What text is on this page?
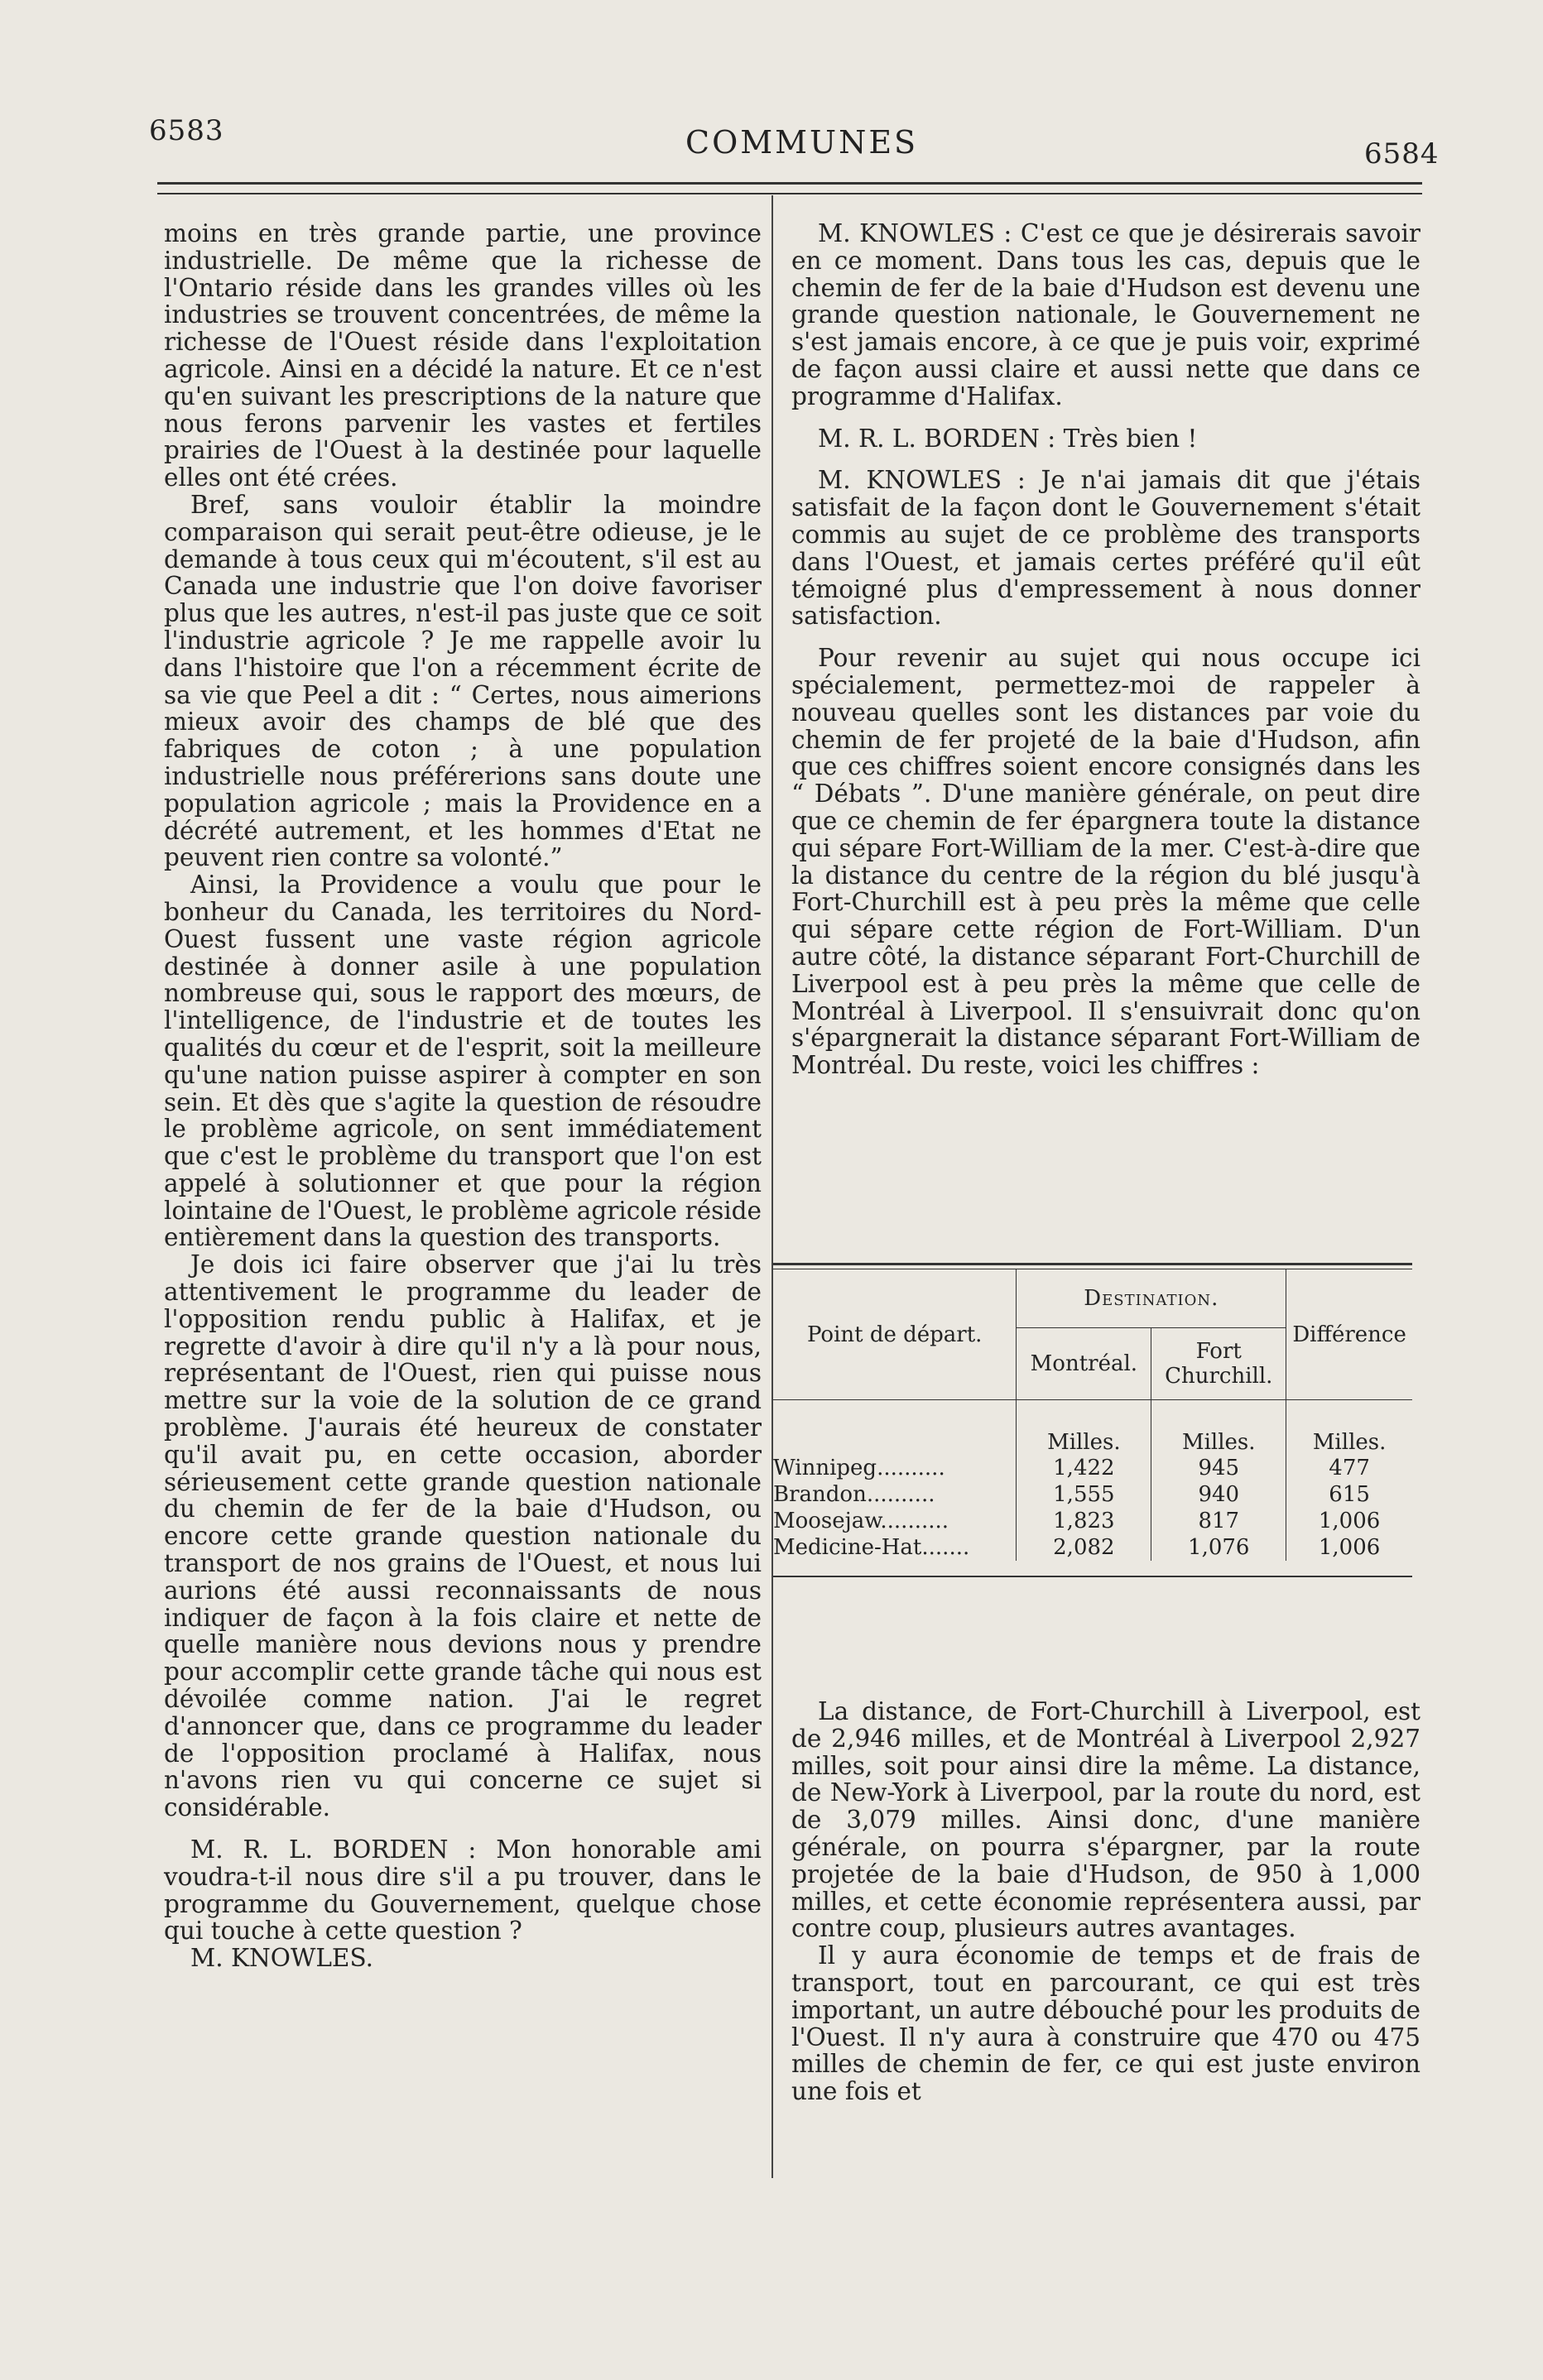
6583	COMMUNES	6584

moins en très grande partie, une province industrielle. De même que la richesse de l'Ontario réside dans les grandes villes où les industries se trouvent concentrées, de même la richesse de l'Ouest réside dans l'exploitation agricole. Ainsi en a décidé la nature. Et ce n'est qu'en suivant les prescriptions de la nature que nous ferons parvenir les vastes et fertiles prairies de l'Ouest à la destinée pour laquelle elles ont été crées.

Bref, sans vouloir établir la moindre comparaison qui serait peut-être odieuse, je le demande à tous ceux qui m'écoutent, s'il est au Canada une industrie que l'on doive favoriser plus que les autres, n'est-il pas juste que ce soit l'industrie agricole ? Je me rappelle avoir lu dans l'histoire que l'on a récemment écrite de sa vie que Peel a dit : “ Certes, nous aimerions mieux avoir des champs de blé que des fabriques de coton ; à une population industrielle nous préférerions sans doute une population agricole ; mais la Providence en a décrété autrement, et les hommes d'Etat ne peuvent rien contre sa volonté.”

Ainsi, la Providence a voulu que pour le bonheur du Canada, les territoires du Nord-Ouest fussent une vaste région agricole destinée à donner asile à une population nombreuse qui, sous le rapport des mœurs, de l'intelligence, de l'industrie et de toutes les qualités du cœur et de l'esprit, soit la meilleure qu'une nation puisse aspirer à compter en son sein. Et dès que s'agite la question de résoudre le problème agricole, on sent immédiatement que c'est le problème du transport que l'on est appelé à solutionner et que pour la région lointaine de l'Ouest, le problème agricole réside entièrement dans la question des transports.

Je dois ici faire observer que j'ai lu très attentivement le programme du leader de l'opposition rendu public à Halifax, et je regrette d'avoir à dire qu'il n'y a là pour nous, représentant de l'Ouest, rien qui puisse nous mettre sur la voie de la solution de ce grand problème. J'aurais été heureux de constater qu'il avait pu, en cette occasion, aborder sérieusement cette grande question nationale du chemin de fer de la baie d'Hudson, ou encore cette grande question nationale du transport de nos grains de l'Ouest, et nous lui aurions été aussi reconnaissants de nous indiquer de façon à la fois claire et nette de quelle manière nous devions nous y prendre pour accomplir cette grande tâche qui nous est dévoilée comme nation. J'ai le regret d'annoncer que, dans ce programme du leader de l'opposition proclamé à Halifax, nous n'avons rien vu qui concerne ce sujet si considérable.

M. R. L. BORDEN : Mon honorable ami voudra-t-il nous dire s'il a pu trouver, dans le programme du Gouvernement, quelque chose qui touche à cette question ?

M. KNOWLES.

M. KNOWLES : C'est ce que je désirerais savoir en ce moment. Dans tous les cas, depuis que le chemin de fer de la baie d'Hudson est devenu une grande question nationale, le Gouvernement ne s'est jamais encore, à ce que je puis voir, exprimé de façon aussi claire et aussi nette que dans ce programme d'Halifax.

M. R. L. BORDEN : Très bien !

M. KNOWLES : Je n'ai jamais dit que j'étais satisfait de la façon dont le Gouvernement s'était commis au sujet de ce problème des transports dans l'Ouest, et jamais certes préféré qu'il eût témoigné plus d'empressement à nous donner satisfaction.

Pour revenir au sujet qui nous occupe ici spécialement, permettez-moi de rappeler à nouveau quelles sont les distances par voie du chemin de fer projeté de la baie d'Hudson, afin que ces chiffres soient encore consignés dans les “ Débats ”. D'une manière générale, on peut dire que ce chemin de fer épargnera toute la distance qui sépare Fort-William de la mer. C'est-à-dire que la distance du centre de la région du blé jusqu'à Fort-Churchill est à peu près la même que celle qui sépare cette région de Fort-William. D'un autre côté, la distance séparant Fort-Churchill de Liverpool est à peu près la même que celle de Montréal à Liverpool. Il s'ensuivrait donc qu'on s'épargnerait la distance séparant Fort-William de Montréal. Du reste, voici les chiffres :

Point de départ.	Destination.		Différence
	Montréal.	Fort Churchill.	
	Milles.	Milles.	Milles.
Winnipeg..........	1,422	945	477
Brandon..........	1,555	940	615
Moosejaw..........	1,823	817	1,006
Medicine-Hat.......	2,082	1,076	1,006

La distance, de Fort-Churchill à Liverpool, est de 2,946 milles, et de Montréal à Liverpool 2,927 milles, soit pour ainsi dire la même. La distance, de New-York à Liverpool, par la route du nord, est de 3,079 milles. Ainsi donc, d'une manière générale, on pourra s'épargner, par la route projetée de la baie d'Hudson, de 950 à 1,000 milles, et cette économie représentera aussi, par contre coup, plusieurs autres avantages.

Il y aura économie de temps et de frais de transport, tout en parcourant, ce qui est très important, un autre débouché pour les produits de l'Ouest. Il n'y aura à construire que 470 ou 475 milles de chemin de fer, ce qui est juste environ une fois et
